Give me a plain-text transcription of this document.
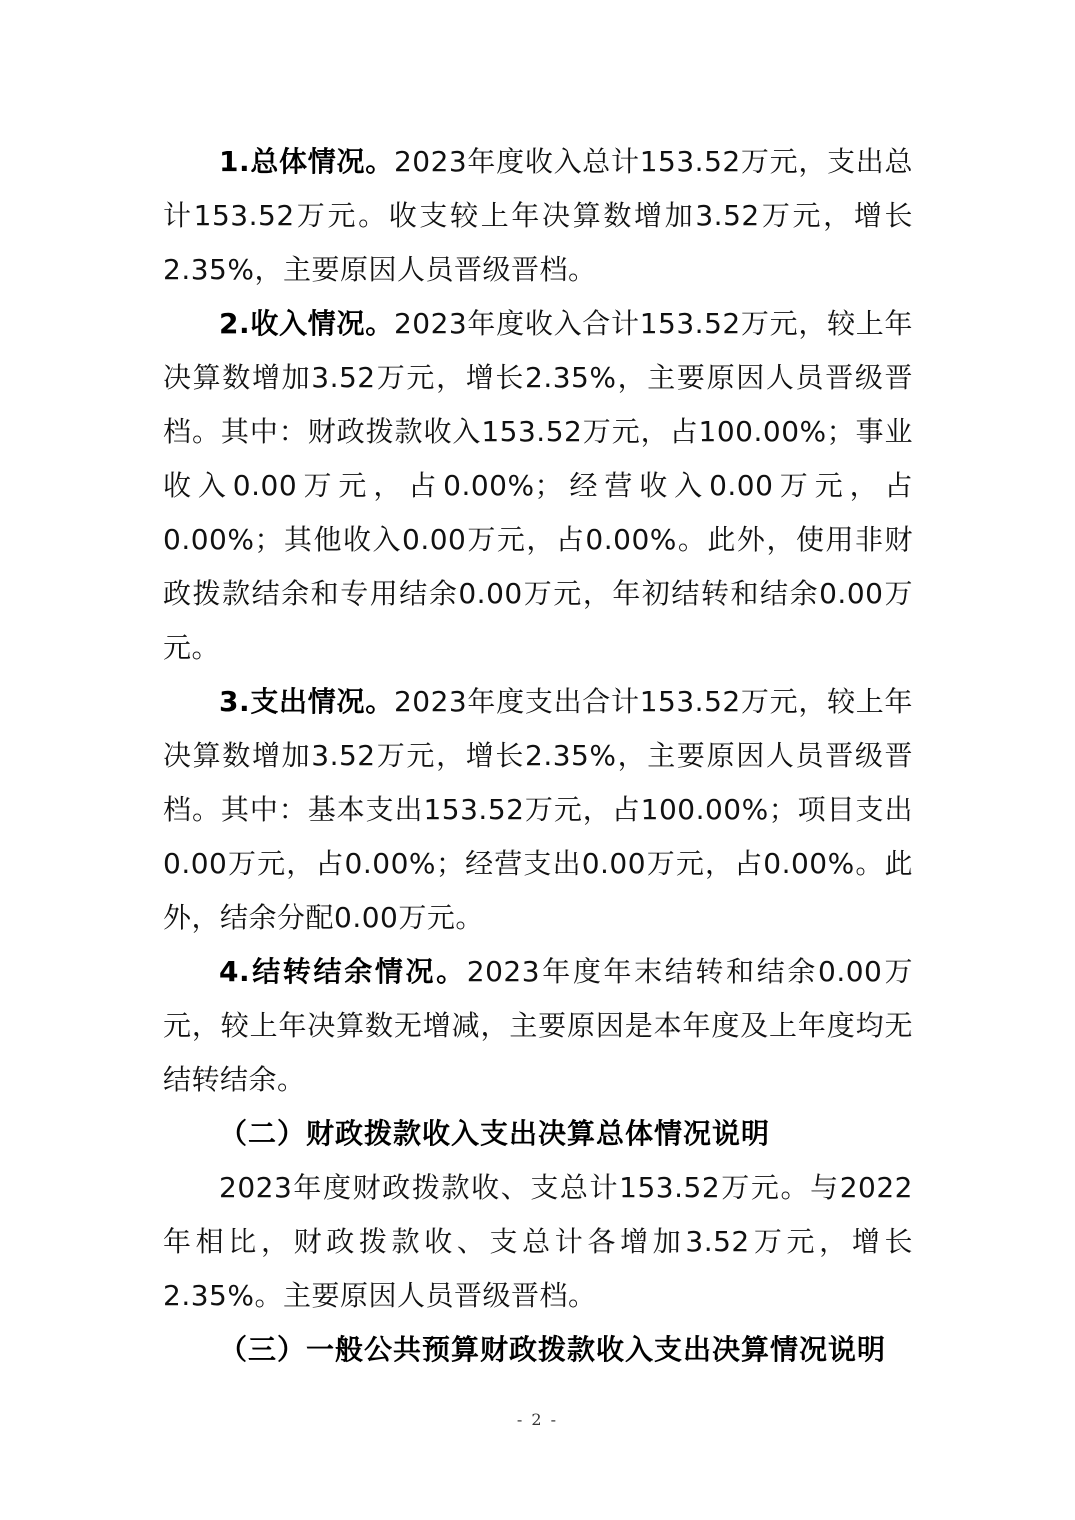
1.总体情况。2023年度收入总计153.52万元，支出总计153.52万元。收支较上年决算数增加3.52万元，增长2.35%，主要原因人员晋级晋档。

2.收入情况。2023年度收入合计153.52万元，较上年决算数增加3.52万元，增长2.35%，主要原因人员晋级晋档。其中：财政拨款收入153.52万元，占100.00%；事业收入0.00万元，占0.00%；经营收入0.00万元，占0.00%；其他收入0.00万元，占0.00%。此外，使用非财政拨款结余和专用结余0.00万元，年初结转和结余0.00万元。

3.支出情况。2023年度支出合计153.52万元，较上年决算数增加3.52万元，增长2.35%，主要原因人员晋级晋档。其中：基本支出153.52万元，占100.00%；项目支出0.00万元，占0.00%；经营支出0.00万元，占0.00%。此外，结余分配0.00万元。

4.结转结余情况。2023年度年末结转和结余0.00万元，较上年决算数无增减，主要原因是本年度及上年度均无结转结余。

（二）财政拨款收入支出决算总体情况说明

2023年度财政拨款收、支总计153.52万元。与2022年相比，财政拨款收、支总计各增加3.52万元，增长2.35%。主要原因人员晋级晋档。

（三）一般公共预算财政拨款收入支出决算情况说明

- 2 -
